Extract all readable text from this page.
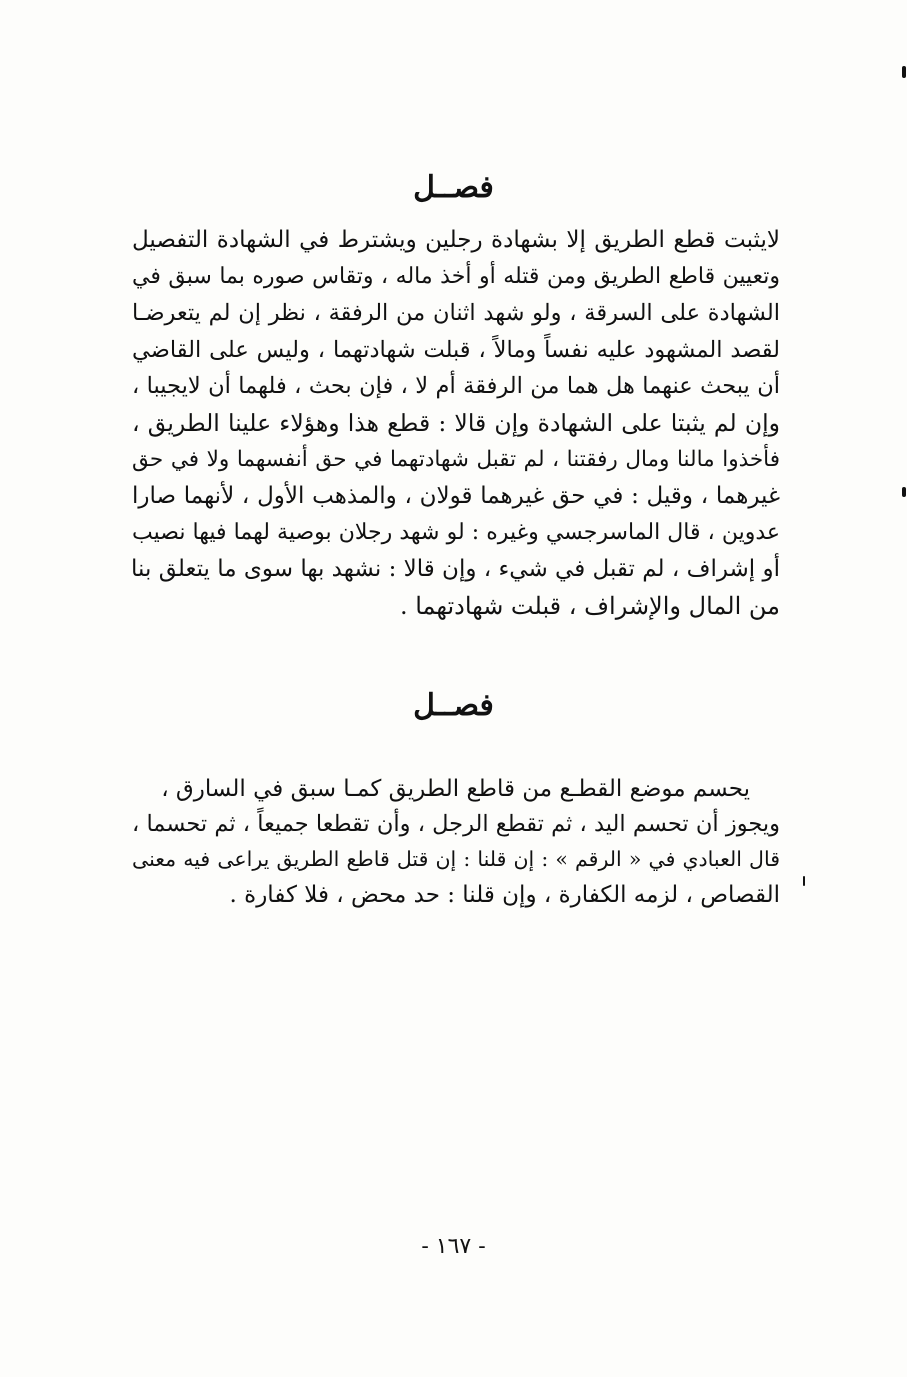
فصــل

لايثبت قطع الطريق إلا بشهادة رجلين ويشترط في الشهادة التفصيل
وتعيين قاطع الطريق ومن قتله أو أخذ ماله ، وتقاس صوره بما سبق في
الشهادة على السرقة ، ولو شهد اثنان من الرفقة ، نظر إن لم يتعرضـا
لقصد المشهود عليه نفساً ومالاً ، قبلت شهادتهما ، وليس على القاضي
أن يبحث عنهما هل هما من الرفقة أم لا ، فإن بحث ، فلهما أن لايجيبا ،
وإن لم يثبتا على الشهادة وإن قالا : قطع هذا وهؤلاء علينا الطريق ،
فأخذوا مالنا ومال رفقتنا ، لم تقبل شهادتهما في حق أنفسهما ولا في حق
غيرهما ، وقيل : في حق غيرهما قولان ، والمذهب الأول ، لأنهما صارا
عدوين ، قال الماسرجسي وغيره : لو شهد رجلان بوصية لهما فيها نصيب
أو إشراف ، لم تقبل في شيء ، وإن قالا : نشهد بها سوى ما يتعلق بنا
من المال والإشراف ، قبلت شهادتهما .

فصــل

يحسم موضع القطـع من قاطع الطريق كمـا سبق في السارق ،
ويجوز أن تحسم اليد ، ثم تقطع الرجل ، وأن تقطعا جميعاً ، ثم تحسما ،
قال العبادي في « الرقم » : إن قلنا : إن قتل قاطع الطريق يراعى فيه معنى
القصاص ، لزمه الكفارة ، وإن قلنا : حد محض ، فلا كفارة .

- ١٦٧ -
